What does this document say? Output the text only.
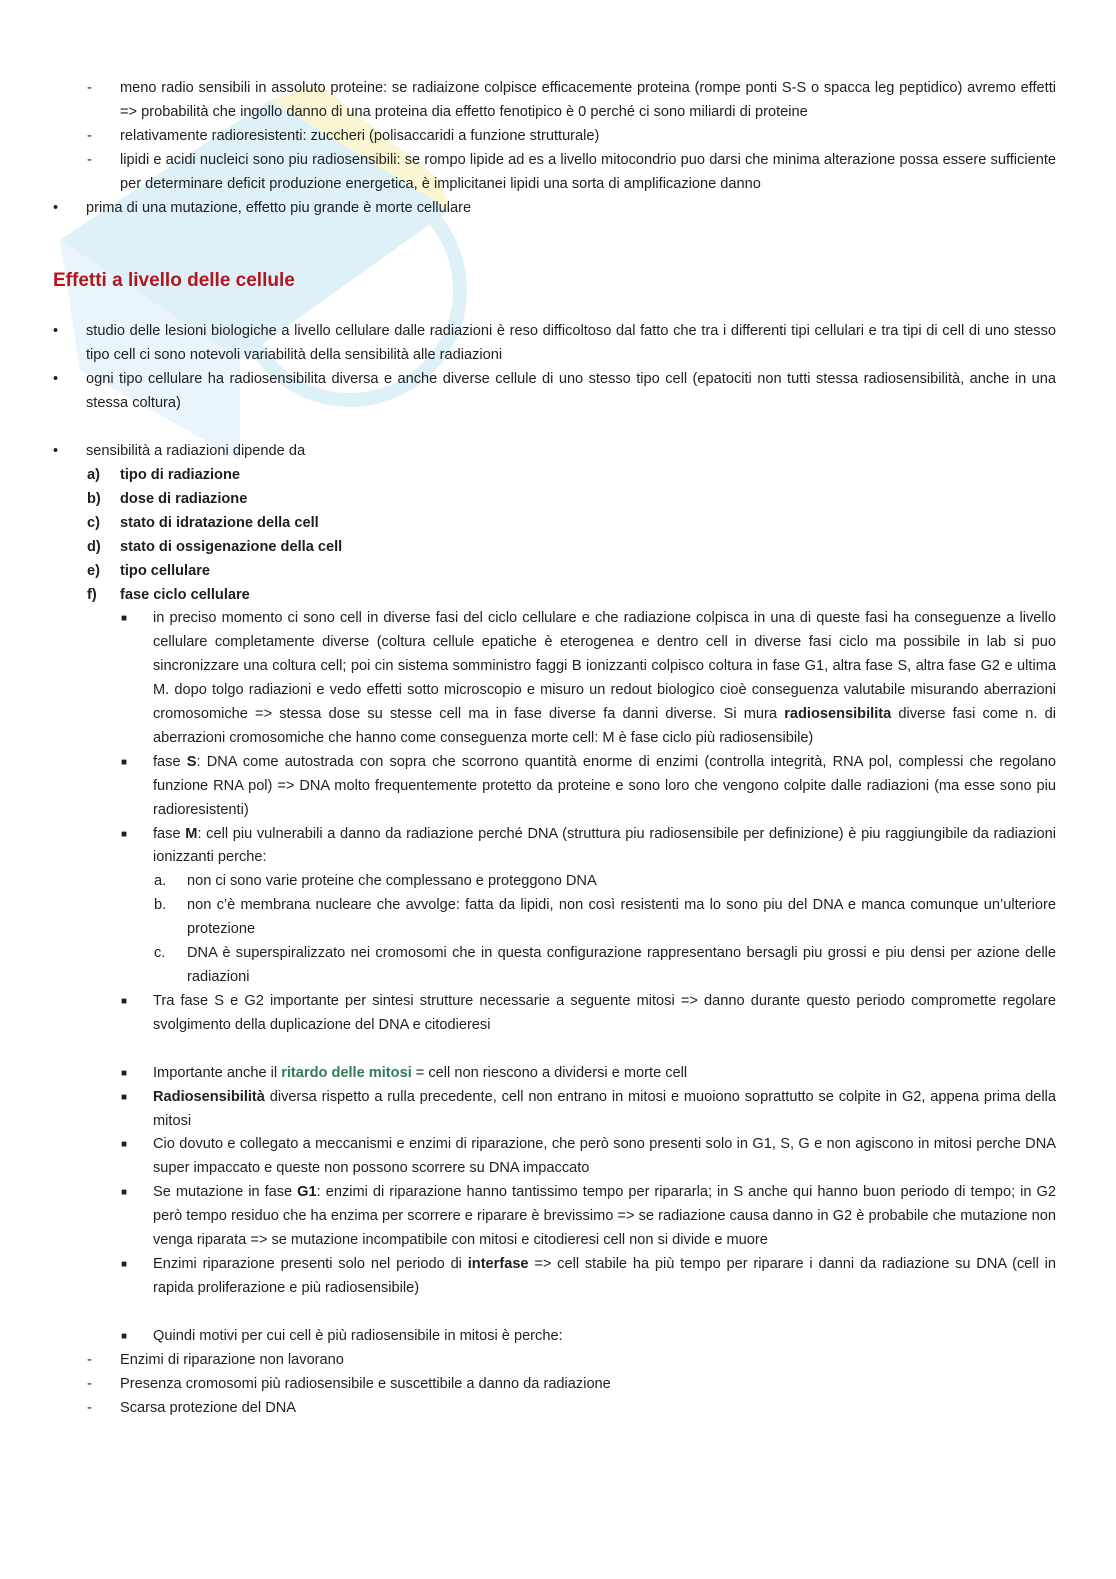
- meno radio sensibili in assoluto proteine: se radiaizone colpisce efficacemente proteina (rompe ponti S-S o spacca leg peptidico) avremo effetti => probabilità che ingollo danno di una proteina dia effetto fenotipico è 0 perché ci sono miliardi di proteine
- relativamente radioresistenti: zuccheri (polisaccaridi a funzione strutturale)
- lipidi e acidi nucleici sono piu radiosensibili: se rompo lipide ad es a livello mitocondrio puo darsi che minima alterazione possa essere sufficiente per determinare deficit produzione energetica, è implicitanei lipidi una sorta di amplificazione danno
• prima di una mutazione, effetto piu grande è morte cellulare
Effetti a livello delle cellule
• studio delle lesioni biologiche a livello cellulare dalle radiazioni è reso difficoltoso dal fatto che tra i differenti tipi cellulari e tra tipi di cell di uno stesso tipo cell ci sono notevoli variabilità della sensibilità alle radiazioni
• ogni tipo cellulare ha radiosensibilita diversa e anche diverse cellule di uno stesso tipo cell (epatociti non tutti stessa radiosensibilità, anche in una stessa coltura)
• sensibilità a radiazioni dipende da
a) tipo di radiazione
b) dose di radiazione
c) stato di idratazione della cell
d) stato di ossigenazione della cell
e) tipo cellulare
f) fase ciclo cellulare
■ in preciso momento ci sono cell in diverse fasi del ciclo cellulare e che radiazione colpisca in una di queste fasi ha conseguenze a livello cellulare completamente diverse (coltura cellule epatiche è eterogenea e dentro cell in diverse fasi ciclo ma possibile in lab si puo sincronizzare una coltura cell; poi cin sistema somministro faggi B ionizzanti colpisco coltura in fase G1, altra fase S, altra fase G2 e ultima M. dopo tolgo radiazioni e vedo effetti sotto microscopio e misuro un redout biologico cioè conseguenza valutabile misurando aberrazioni cromosomiche => stessa dose su stesse cell ma in fase diverse fa danni diverse. Si mura radiosensibilita diverse fasi come n. di aberrazioni cromosomiche che hanno come conseguenza morte cell: M è fase ciclo più radiosensibile)
■ fase S: DNA come autostrada con sopra che scorrono quantità enorme di enzimi (controlla integrità, RNA pol, complessi che regolano funzione RNA pol) => DNA molto frequentemente protetto da proteine e sono loro che vengono colpite dalle radiazioni (ma esse sono piu radioresistenti)
■ fase M: cell piu vulnerabili a danno da radiazione perché DNA (struttura piu radiosensibile per definizione) è piu raggiungibile da radiazioni ionizzanti perche:
a. non ci sono varie proteine che complessano e proteggono DNA
b. non c’è membrana nucleare che avvolge: fatta da lipidi, non così resistenti ma lo sono piu del DNA e manca comunque un’ulteriore protezione
c. DNA è superspiralizzato nei cromosomi che in questa configurazione rappresentano bersagli piu grossi e piu densi per azione delle radiazioni
■ Tra fase S e G2 importante per sintesi strutture necessarie a seguente mitosi => danno durante questo periodo compromette regolare svolgimento della duplicazione del DNA e citodieresi
■ Importante anche il ritardo delle mitosi = cell non riescono a dividersi e morte cell
■ Radiosensibilità diversa rispetto a rulla precedente, cell non entrano in mitosi e muoiono soprattutto se colpite in G2, appena prima della mitosi
■ Cio dovuto e collegato a meccanismi e enzimi di riparazione, che però sono presenti solo in G1, S, G e non agiscono in mitosi perche DNA super impaccato e queste non possono scorrere su DNA impaccato
■ Se mutazione in fase G1: enzimi di riparazione hanno tantissimo tempo per ripararla; in S anche qui hanno buon periodo di tempo; in G2 però tempo residuo che ha enzima per scorrere e riparare è brevissimo => se radiazione causa danno in G2 è probabile che mutazione non venga riparata => se mutazione incompatibile con mitosi e citodieresi cell non si divide e muore
■ Enzimi riparazione presenti solo nel periodo di interfase => cell stabile ha più tempo per riparare i danni da radiazione su DNA (cell in rapida proliferazione e più radiosensibile)
■ Quindi motivi per cui cell è più radiosensibile in mitosi è perche:
- Enzimi di riparazione non lavorano
- Presenza cromosomi più radiosensibile e suscettibile a danno da radiazione
- Scarsa protezione del DNA
